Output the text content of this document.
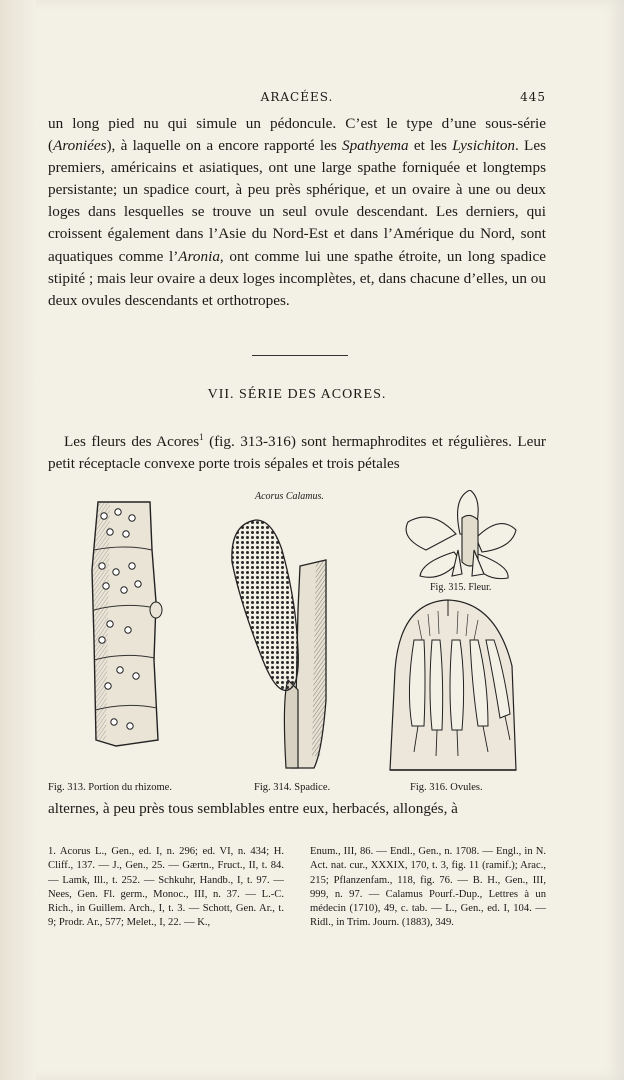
ARACÉES.	445

un long pied nu qui simule un pédoncule. C’est le type d’une sous-série (Aroniées), à laquelle on a encore rapporté les Spathyema et les Lysichiton. Les premiers, américains et asiatiques, ont une large spathe forniquée et longtemps persistante; un spadice court, à peu près sphérique, et un ovaire à une ou deux loges dans lesquelles se trouve un seul ovule descendant. Les derniers, qui croissent également dans l’Asie du Nord-Est et dans l’Amérique du Nord, sont aquatiques comme l’Aronia, ont comme lui une spathe étroite, un long spadice stipité ; mais leur ovaire a deux loges incomplètes, et, dans chacune d’elles, un ou deux ovules descendants et orthotropes.

VII. SÉRIE DES ACORES.

Les fleurs des Acores$^1$ (fig. 313-316) sont hermaphrodites et régulières. Leur petit réceptacle convexe porte trois sépales et trois pétales

Acorus Calamus.
Fig. 315. Fleur.
Fig. 313. Portion du rhizome.	Fig. 314. Spadice.	Fig. 316. Ovules.

alternes, à peu près tous semblables entre eux, herbacés, allongés, à

1. Acorus L., Gen., ed. I, n. 296; ed. VI, n. 434; H. Cliff., 137. — J., Gen., 25. — Gærtn., Fruct., II, t. 84. — Lamk, Ill., t. 252. — Schkuhr, Handb., I, t. 97. — Nees, Gen. Fl. germ., Monoc., III, n. 37. — L.-C. Rich., in Guillem. Arch., I, t. 3. — Schott, Gen. Ar., t. 9; Prodr. Ar., 577; Melet., I, 22. — K.,
Enum., III, 86. — Endl., Gen., n. 1708. — Engl., in N. Act. nat. cur., XXXIX, 170, t. 3, fig. 11 (ramif.); Arac., 215; Pflanzenfam., 118, fig. 76. — B. H., Gen., III, 999, n. 97. — Calamus Pourf.-Dup., Lettres à un médecin (1710), 49, c. tab. — L., Gen., ed. I, 104. — Ridl., in Trim. Journ. (1883), 349.
